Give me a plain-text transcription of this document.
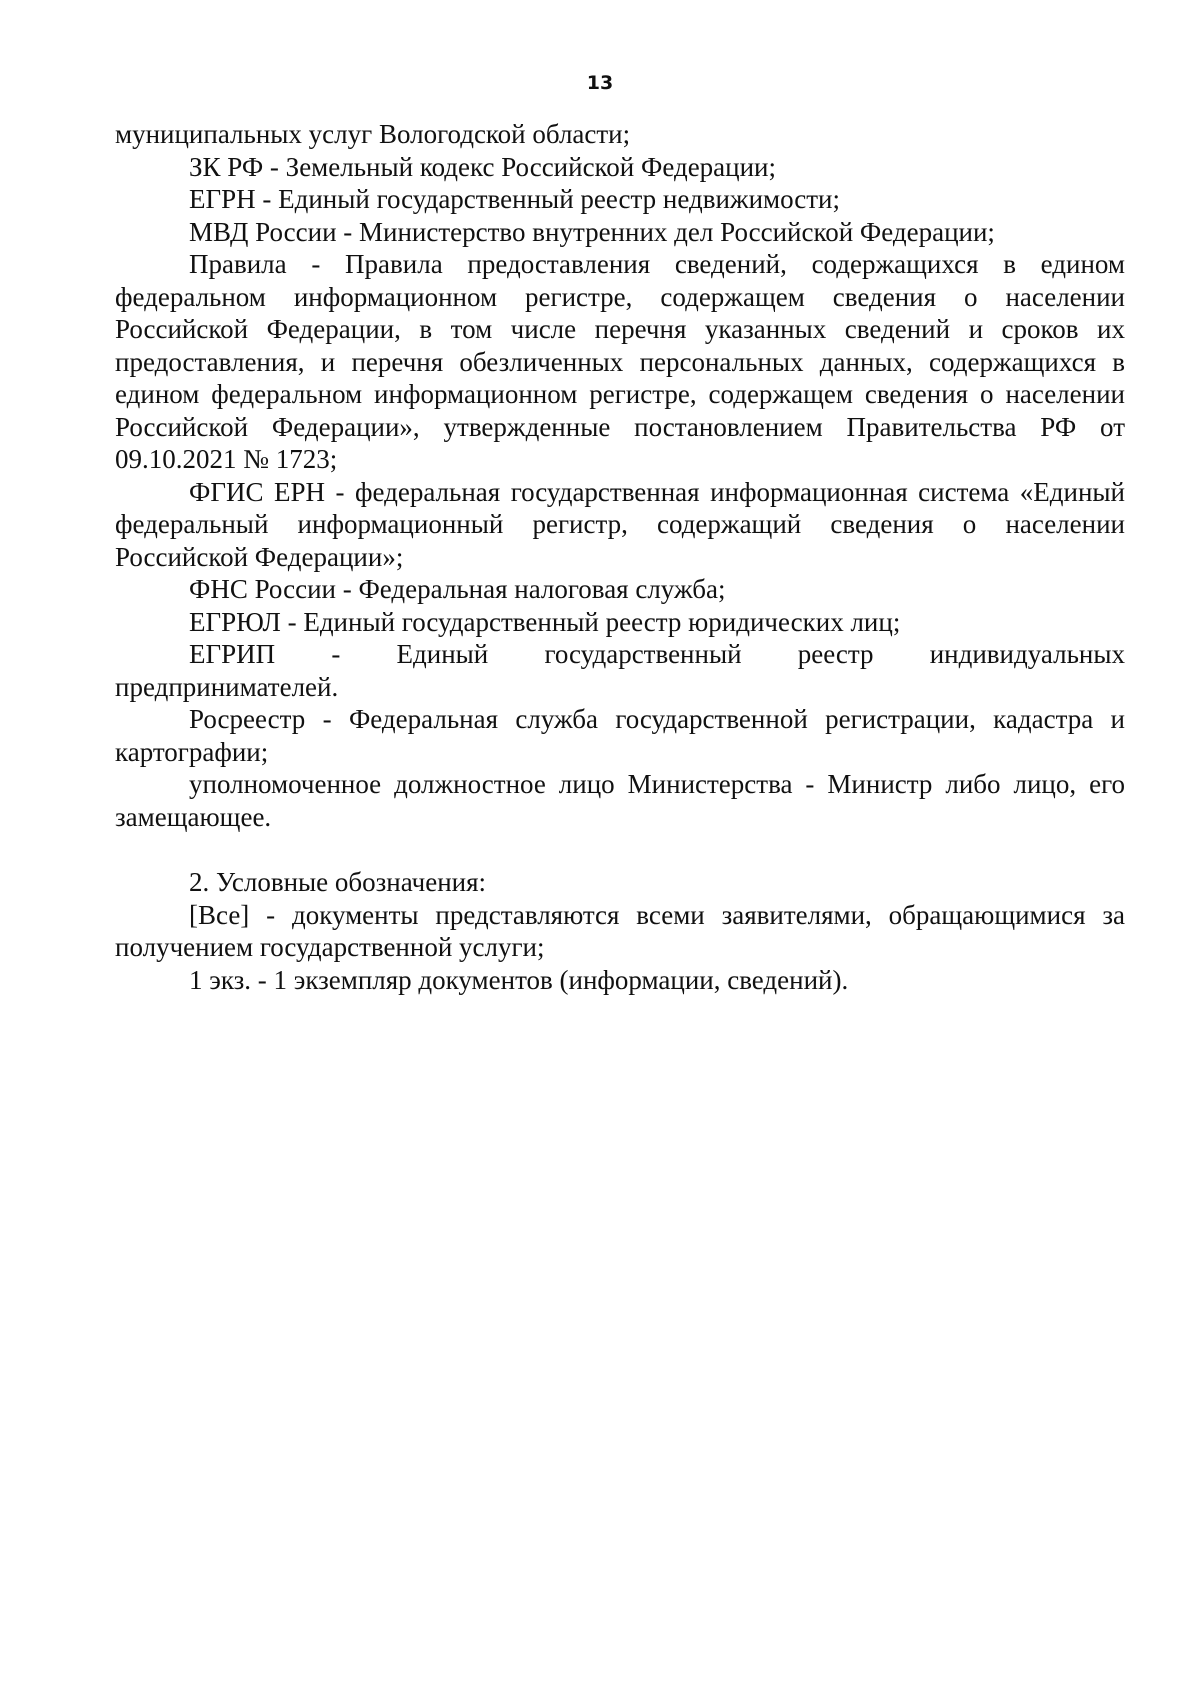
13

муниципальных услуг Вологодской области;

ЗК РФ - Земельный кодекс Российской Федерации;

ЕГРН - Единый государственный реестр недвижимости;

МВД России - Министерство внутренних дел Российской Федерации;

Правила - Правила предоставления сведений, содержащихся в едином федеральном информационном регистре, содержащем сведения о населении Российской Федерации, в том числе перечня указанных сведений и сроков их предоставления, и перечня обезличенных персональных данных, содержащихся в едином федеральном информационном регистре, содержащем сведения о населении Российской Федерации», утвержденные постановлением Правительства РФ от 09.10.2021 № 1723;

ФГИС ЕРН - федеральная государственная информационная система «Единый федеральный информационный регистр, содержащий сведения о населении Российской Федерации»;

ФНС России - Федеральная налоговая служба;

ЕГРЮЛ - Единый государственный реестр юридических лиц;

ЕГРИП - Единый государственный реестр индивидуальных

предпринимателей.

Росреестр - Федеральная служба государственной регистрации, кадастра и картографии;

уполномоченное должностное лицо Министерства - Министр либо лицо, его замещающее.

2. Условные обозначения:

[Все] - документы представляются всеми заявителями, обращающимися за получением государственной услуги;

1 экз. - 1 экземпляр документов (информации, сведений).
